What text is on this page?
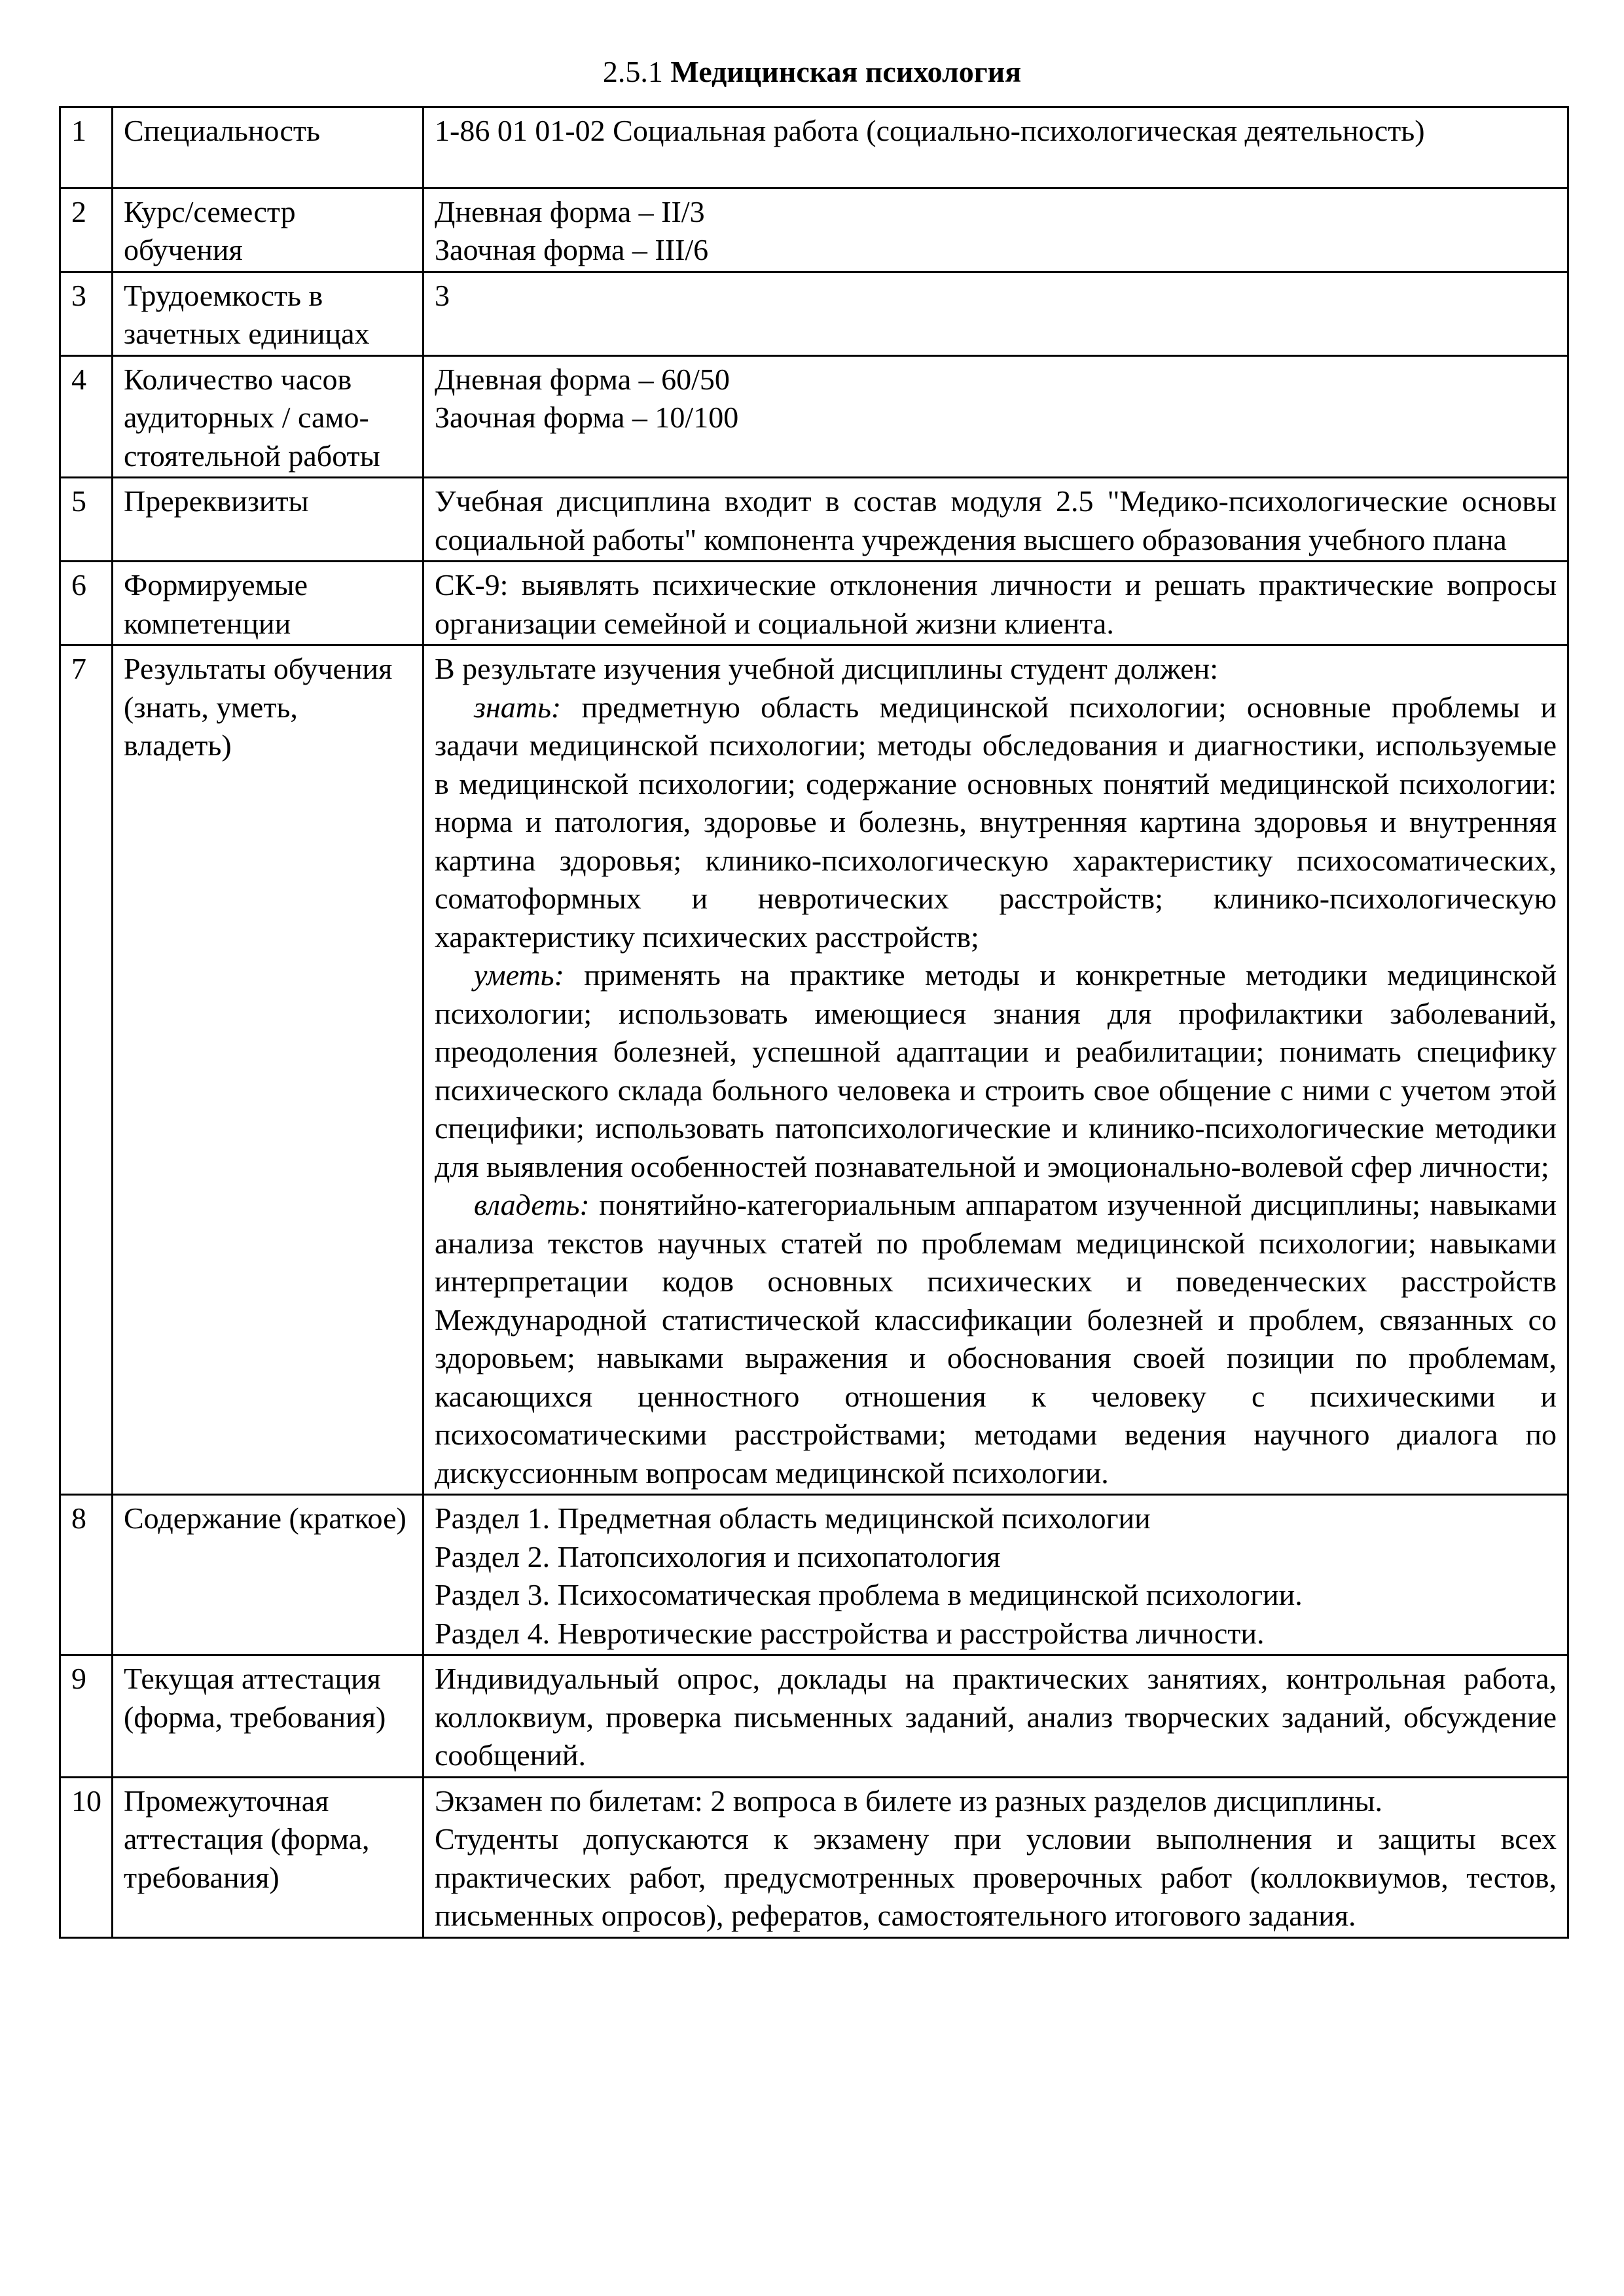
2.5.1 Медицинская психология
1	Специальность	1-86 01 01-02 Социальная работа (социально-психологическая деятельность)
2	Курс/семестр обучения	Дневная форма – II/3
Заочная форма – III/6

3	Трудоемкость в зачетных единицах	3
4	Количество часов аудиторных / само-стоятельной работы	Дневная форма – 60/50
Заочная форма – 10/100

5	Пререквизиты	Учебная дисциплина входит в состав модуля 2.5 "Медико-психологические основы социальной работы" компонента учреждения высшего образования учебного плана
6	Формируемые компетенции	СК-9: выявлять психические отклонения личности и решать практические вопросы организации семейной и социальной жизни клиента.
7	Результаты обучения (знать, уметь, владеть)	В результате изучения учебной дисциплины студент должен:
знать: предметную область медицинской психологии; основные проблемы и задачи медицинской психологии; методы обследования и диагностики, используемые в медицинской психологии; содержание основных понятий медицинской психологии: норма и патология, здоровье и болезнь, внутренняя картина здоровья и внутренняя картина здоровья; клинико-психологическую характеристику психосоматических, соматоформных и невротических расстройств; клинико-психологическую характеристику психических расстройств;
уметь: применять на практике методы и конкретные методики медицинской психологии; использовать имеющиеся знания для профилактики заболеваний, преодоления болезней, успешной адаптации и реабилитации; понимать специфику психического склада больного человека и строить свое общение с ними с учетом этой специфики; использовать патопсихологические и клинико-психологические методики для выявления особенностей познавательной и эмоционально-волевой сфер личности;
владеть: понятийно-категориальным аппаратом изученной дисциплины; навыками анализа текстов научных статей по проблемам медицинской психологии; навыками интерпретации кодов основных психических и поведенческих расстройств Международной статистической классификации болезней и проблем, связанных со здоровьем; навыками выражения и обоснования своей позиции по проблемам, касающихся ценностного отношения к человеку с психическими и психосоматическими расстройствами; методами ведения научного диалога по дискуссионным вопросам медицинской психологии.

8	Содержание (краткое)	Раздел 1. Предметная область медицинской психологии
Раздел 2. Патопсихология и психопатология
Раздел 3. Психосоматическая проблема в медицинской психологии.
Раздел 4. Невротические расстройства и расстройства личности.

9	Текущая аттестация (форма, требования)	Индивидуальный опрос, доклады на практических занятиях, контрольная работа, коллоквиум, проверка письменных заданий, анализ творческих заданий, обсуждение сообщений.
10	Промежуточная аттестация (форма, требования)	Экзамен по билетам: 2 вопроса в билете из разных разделов дисциплины.
Студенты допускаются к экзамену при условии выполнения и защиты всех практических работ, предусмотренных проверочных работ (коллоквиумов, тестов, письменных опросов), рефератов, самостоятельного итогового задания.
